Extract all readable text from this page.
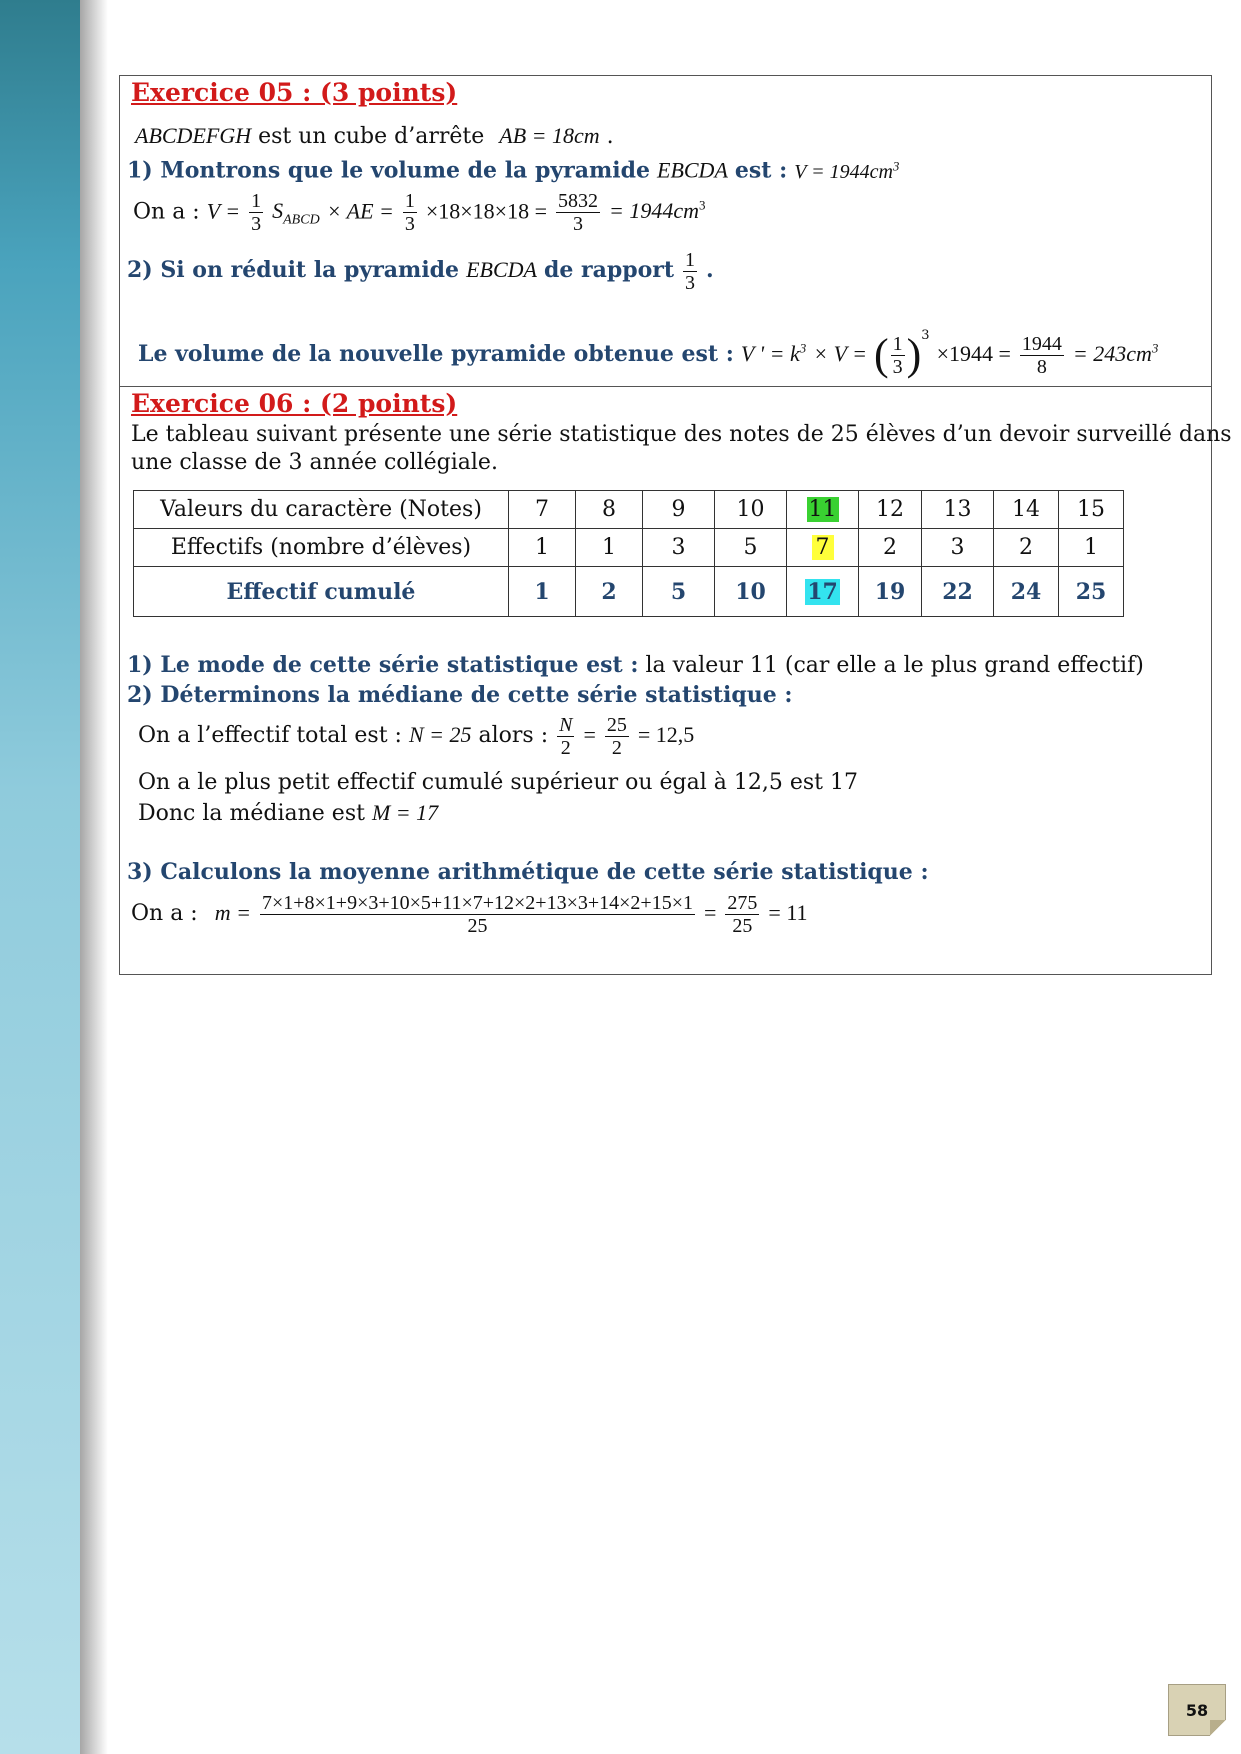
Exercice 05 : (3 points)
ABCDEFGH est un cube d’arrête AB = 18cm .
1) Montrons que le volume de la pyramide EBCDA est : $V = 1944cm^3$
On a : $V = \frac{1}{3} S_{ABCD}$ × AE = $\frac{1}{3} \times 18\times 18\times 18 = \frac{5832}{3} = 1944cm^3$
2) Si on réduit la pyramide EBCDA de rapport $\frac{1}{3}$ .
Le volume de la nouvelle pyramide obtenue est : V ' = $k^3 \times V$ = ( $\frac{1}{3} )^3 \times 1944 = \frac{1944}{8} = 243cm^3$
Exercice 06 : (2 points)
Le tableau suivant présente une série statistique des notes de 25 élèves d’un devoir surveillé dans
une classe de 3 année collégiale.
Valeurs du caractère (Notes)	7	8	9	10	11	12	13	14	15
Effectifs (nombre d’élèves)	1	1	3	5	7	2	3	2	1
Effectif cumulé	1	2	5	10	17	19	22	24	25
1) Le mode de cette série statistique est : la valeur 11 (car elle a le plus grand effectif)
2) Déterminons la médiane de cette série statistique :
On a l’effectif total est : N = 25 alors : $\frac{N}{2} = \frac{25}{2} = 12,5$
On a le plus petit effectif cumulé supérieur ou égal à 12,5 est 17
Donc la médiane est M = 17
3) Calculons la moyenne arithmétique de cette série statistique :
On a : $m = \frac{7\times 1+8\times 1+9\times 3+10\times 5+11\times 7+12\times 2+13\times 3+14\times 2+15\times 1}{25} = \frac{275}{25} = 11$
58
